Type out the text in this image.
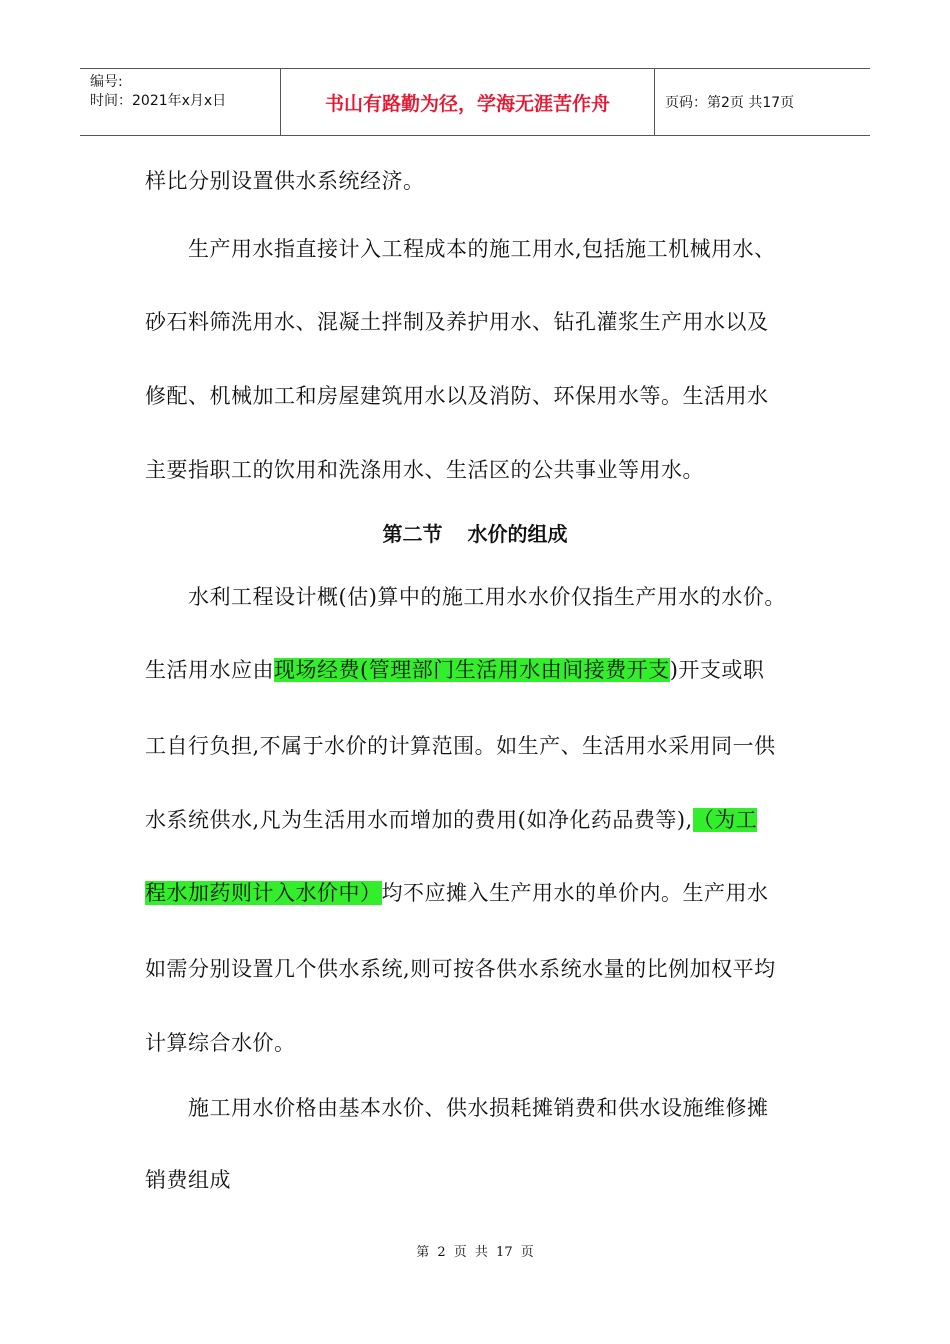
编号:
时间：2021年x月x日	书山有路勤为径，学海无涯苦作舟	页码：第2页 共17页
样比分别设置供水系统经济。
生产用水指直接计入工程成本的施工用水,包括施工机械用水、
砂石料筛洗用水、混凝土拌制及养护用水、钻孔灌浆生产用水以及
修配、机械加工和房屋建筑用水以及消防、环保用水等。生活用水
主要指职工的饮用和洗涤用水、生活区的公共事业等用水。
第二节 水价的组成
水利工程设计概(估)算中的施工用水水价仅指生产用水的水价。
生活用水应由现场经费(管理部门生活用水由间接费开支)开支或职
工自行负担,不属于水价的计算范围。如生产、生活用水采用同一供
水系统供水,凡为生活用水而增加的费用(如净化药品费等),（为工
程水加药则计入水价中）均不应摊入生产用水的单价内。生产用水
如需分别设置几个供水系统,则可按各供水系统水量的比例加权平均
计算综合水价。
施工用水价格由基本水价、供水损耗摊销费和供水设施维修摊
销费组成
第 2 页 共 17 页
